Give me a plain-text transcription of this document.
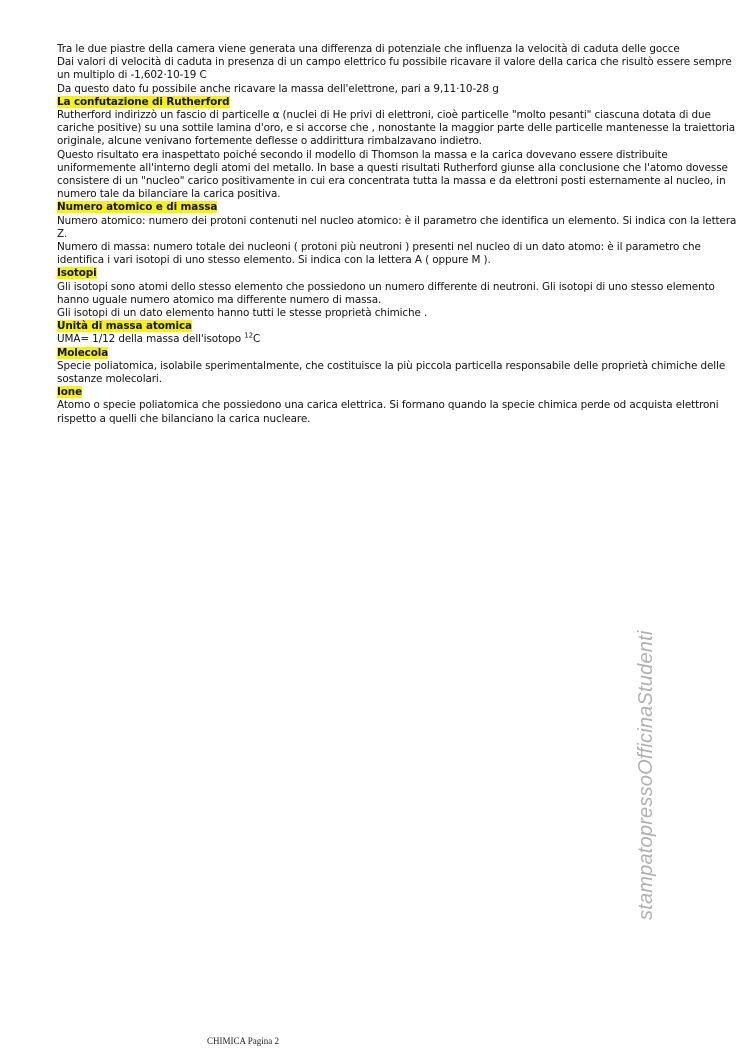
Tra le due piastre della camera viene generata una differenza di potenziale che influenza la velocità di caduta delle gocce

Dai valori di velocità di caduta in presenza di un campo elettrico fu possibile ricavare il valore della carica che risultò essere sempre un multiplo di -1,602·10-19 C

Da questo dato fu possibile anche ricavare la massa dell'elettrone, pari a 9,11·10-28 g

La confutazione di Rutherford

Rutherford indirizzò un fascio di particelle α (nuclei di He privi di elettroni, cioè particelle "molto pesanti" ciascuna dotata di due cariche positive) su una sottile lamina d'oro, e si accorse che , nonostante la maggior parte delle particelle mantenesse la traiettoria originale, alcune venivano fortemente deflesse o addirittura rimbalzavano indietro.

Questo risultato era inaspettato poiché secondo il modello di Thomson la massa e la carica dovevano essere distribuite uniformemente all'interno degli atomi del metallo. In base a questi risultati Rutherford giunse alla conclusione che l'atomo dovesse consistere di un "nucleo" carico positivamente in cui era concentrata tutta la massa e da elettroni posti esternamente al nucleo, in numero tale da bilanciare la carica positiva.

Numero atomico e di massa

Numero atomico: numero dei protoni contenuti nel nucleo atomico: è il parametro che identifica un elemento. Si indica con la lettera Z.

Numero di massa: numero totale dei nucleoni ( protoni più neutroni ) presenti nel nucleo di un dato atomo: è il parametro che identifica i vari isotopi di uno stesso elemento. Si indica con la lettera A ( oppure M ).

Isotopi

Gli isotopi sono atomi dello stesso elemento che possiedono un numero differente di neutroni. Gli isotopi di uno stesso elemento hanno uguale numero atomico ma differente numero di massa.

Gli isotopi di un dato elemento hanno tutti le stesse proprietà chimiche .

Unità di massa atomica

UMA= 1/12 della massa dell'isotopo $^{12}$C

Molecola

Specie poliatomica, isolabile sperimentalmente, che costituisce la più piccola particella responsabile delle proprietà chimiche delle sostanze molecolari.

Ione

Atomo o specie poliatomica che possiedono una carica elettrica. Si formano quando la specie chimica perde od acquista elettroni rispetto a quelli che bilanciano la carica nucleare.

stampatopressoOfficinaStudenti
CHIMICA Pagina 2
